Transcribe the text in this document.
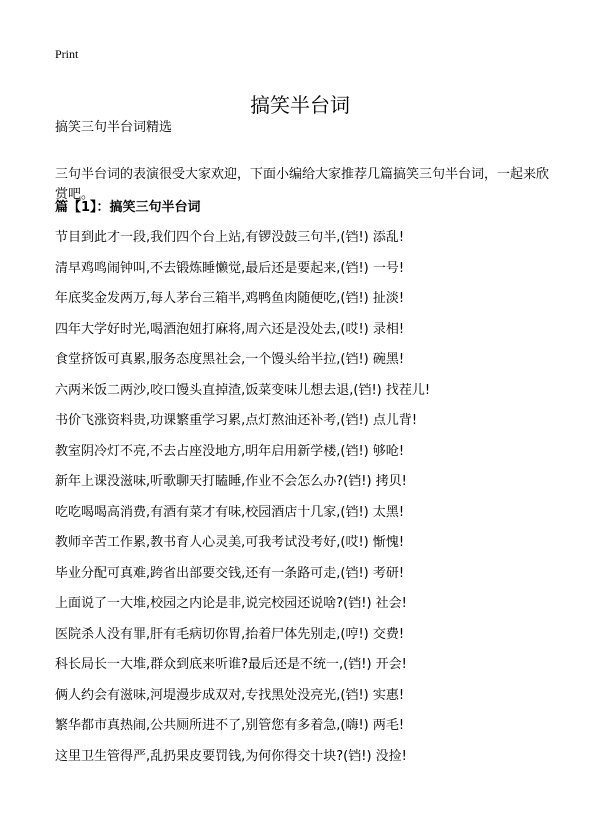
Print
搞笑半台词
搞笑三句半台词精选

三句半台词的表演很受大家欢迎，下面小编给大家推荐几篇搞笑三句半台词，一起来欣赏吧。

篇【1】：搞笑三句半台词
节目到此才一段,我们四个台上站,有锣没鼓三句半,(铛!) 添乱!
清早鸡鸣闹钟叫,不去锻炼睡懒觉,最后还是要起来,(铛!) 一号!
年底奖金发两万,每人茅台三箱半,鸡鸭鱼肉随便吃,(铛!) 扯淡!
四年大学好时光,喝酒泡妞打麻将,周六还是没处去,(哎!) 录相!
食堂挤饭可真累,服务态度黑社会,一个馒头给半拉,(铛!) 碗黑!
六两米饭二两沙,咬口馒头直掉渣,饭菜变味儿想去退,(铛!) 找茬儿!
书价飞涨资料贵,功课繁重学习累,点灯熬油还补考,(铛!) 点儿背!
教室阴冷灯不亮,不去占座没地方,明年启用新学楼,(铛!) 够呛!
新年上课没滋味,听歌聊天打瞌睡,作业不会怎么办?(铛!) 拷贝!
吃吃喝喝高消费,有酒有菜才有味,校园酒店十几家,(铛!) 太黑!
教师辛苦工作累,教书育人心灵美,可我考试没考好,(哎!) 惭愧!
毕业分配可真难,跨省出部要交钱,还有一条路可走,(铛!) 考研!
上面说了一大堆,校园之内论是非,说完校园还说啥?(铛!) 社会!
医院杀人没有罪,肝有毛病切你胃,抬着尸体先别走,(哼!) 交费!
科长局长一大堆,群众到底来听谁?最后还是不统一,(铛!) 开会!
俩人约会有滋味,河堤漫步成双对,专找黑处没亮光,(铛!) 实惠!
繁华都市真热闹,公共厕所进不了,别管您有多着急,(嗨!) 两毛!
这里卫生管得严,乱扔果皮要罚钱,为何你得交十块?(铛!) 没捡!
